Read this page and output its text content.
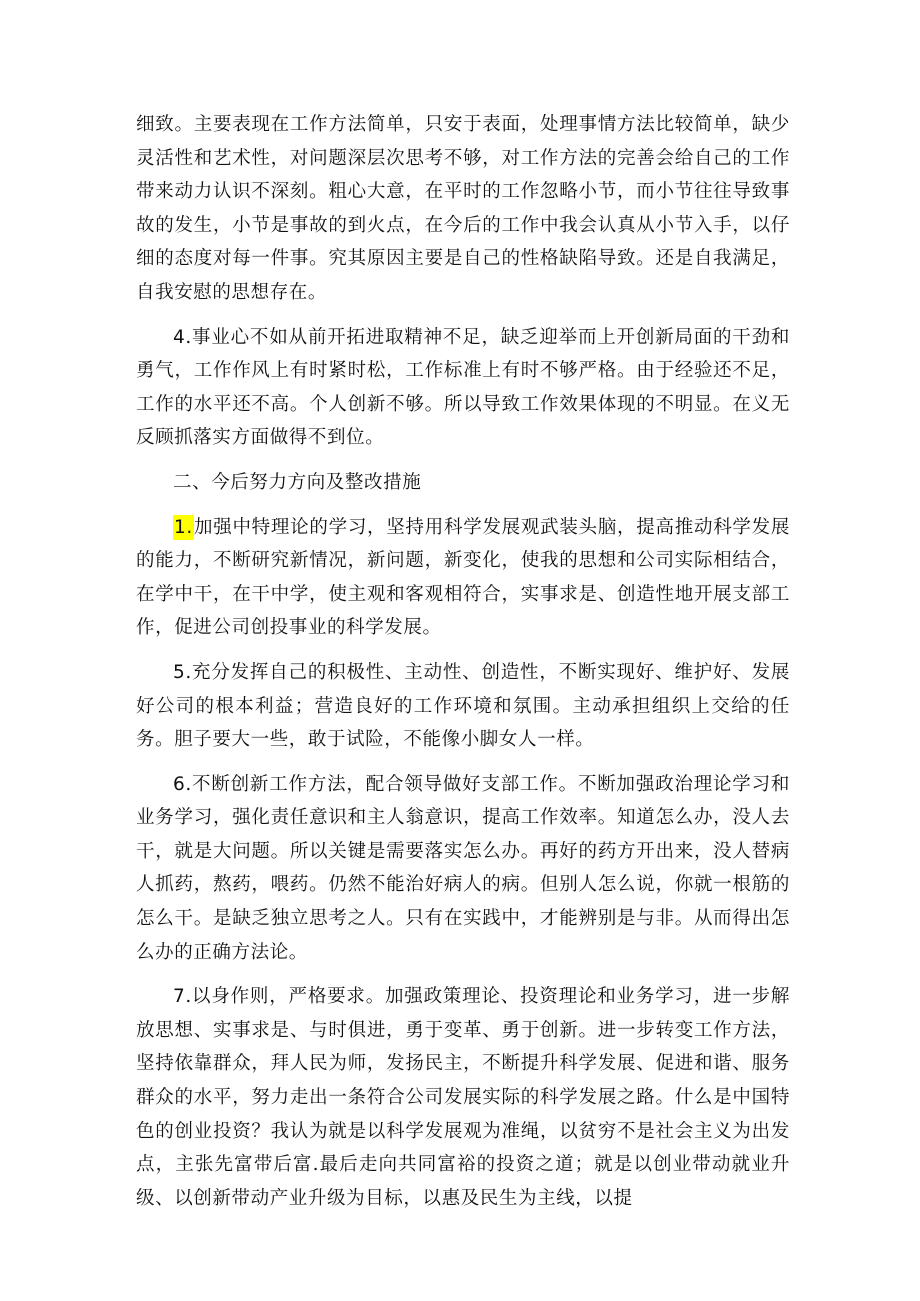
细致。主要表现在工作方法简单，只安于表面，处理事情方法比较简单，缺少灵活性和艺术性，对问题深层次思考不够，对工作方法的完善会给自己的工作带来动力认识不深刻。粗心大意，在平时的工作忽略小节，而小节往往导致事故的发生，小节是事故的到火点，在今后的工作中我会认真从小节入手，以仔细的态度对每一件事。究其原因主要是自己的性格缺陷导致。还是自我满足，自我安慰的思想存在。

4.事业心不如从前开拓进取精神不足，缺乏迎举而上开创新局面的干劲和勇气，工作作风上有时紧时松，工作标准上有时不够严格。由于经验还不足，工作的水平还不高。个人创新不够。所以导致工作效果体现的不明显。在义无反顾抓落实方面做得不到位。

二、今后努力方向及整改措施

1.加强中特理论的学习，坚持用科学发展观武装头脑，提高推动科学发展的能力，不断研究新情况，新问题，新变化，使我的思想和公司实际相结合，在学中干，在干中学，使主观和客观相符合，实事求是、创造性地开展支部工作，促进公司创投事业的科学发展。

5.充分发挥自己的积极性、主动性、创造性，不断实现好、维护好、发展好公司的根本利益；营造良好的工作环境和氛围。主动承担组织上交给的任务。胆子要大一些，敢于试险，不能像小脚女人一样。

6.不断创新工作方法，配合领导做好支部工作。不断加强政治理论学习和业务学习，强化责任意识和主人翁意识，提高工作效率。知道怎么办，没人去干，就是大问题。所以关键是需要落实怎么办。再好的药方开出来，没人替病人抓药，熬药，喂药。仍然不能治好病人的病。但别人怎么说，你就一根筋的怎么干。是缺乏独立思考之人。只有在实践中，才能辨别是与非。从而得出怎么办的正确方法论。

7.以身作则，严格要求。加强政策理论、投资理论和业务学习，进一步解放思想、实事求是、与时俱进，勇于变革、勇于创新。进一步转变工作方法，坚持依靠群众，拜人民为师，发扬民主，不断提升科学发展、促进和谐、服务群众的水平，努力走出一条符合公司发展实际的科学发展之路。什么是中国特色的创业投资？我认为就是以科学发展观为准绳，以贫穷不是社会主义为出发点，主张先富带后富.最后走向共同富裕的投资之道；就是以创业带动就业升级、以创新带动产业升级为目标，以惠及民生为主线，以提
